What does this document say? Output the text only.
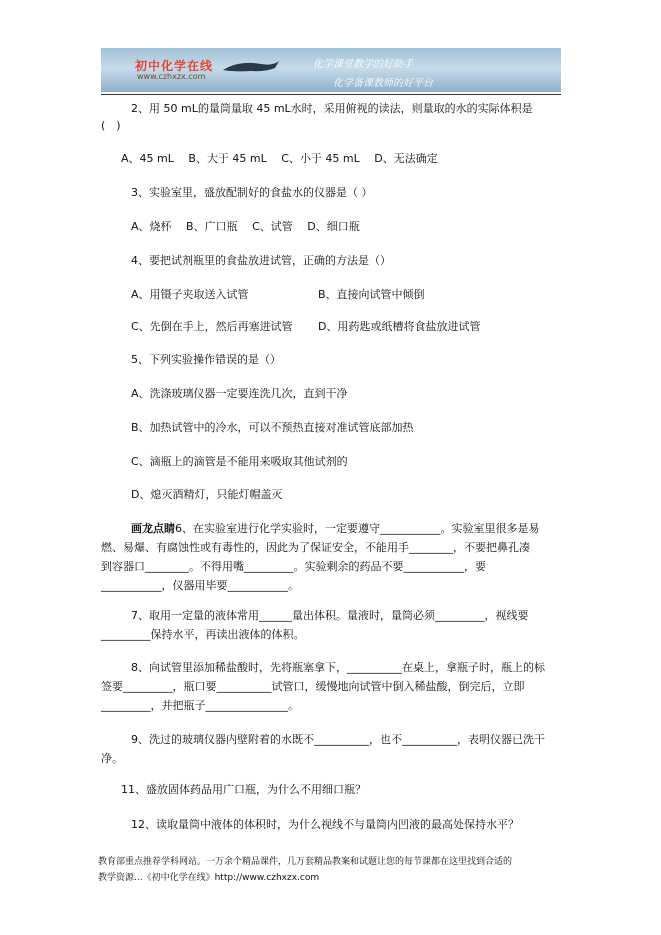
初中化学在线
www.czhxzx.com
化学课堂教学的好助手
化学备课教师的好平台
2、用 50 mL的量筒量取 45 mL水时，采用俯视的读法，则量取的水的实际体积是
(　)
A、45 mL　 B、大于 45 mL　 C、小于 45 mL　 D、无法确定
3、实验室里，盛放配制好的食盐水的仪器是（ ）
A、烧杯　 B、广口瓶　 C、试管　 D、细口瓶
4、要把试剂瓶里的食盐放进试管，正确的方法是（）
A、用镊子夹取送入试管	B、直接向试管中倾倒
C、先倒在手上，然后再塞进试管 D、用药匙或纸槽将食盐放进试管
5、下列实验操作错误的是（）
A、洗涤玻璃仪器一定要连洗几次，直到干净
B、加热试管中的冷水，可以不预热直接对准试管底部加热
C、滴瓶上的滴管是不能用来吸取其他试剂的
D、熄灭酒精灯，只能灯帽盖灭
画龙点睛6、在实验室进行化学实验时，一定要遵守___________。实验室里很多是易
燃、易爆、有腐蚀性或有毒性的，因此为了保证安全，不能用手________，不要把鼻孔凑
到容器口________。不得用嘴_________。实验剩余的药品不要___________，要
___________，仪器用毕要___________。
7、取用一定量的液体常用______量出体积。量液时，量筒必须_________，视线要
_________保持水平，再读出液体的体积。
8、向试管里添加稀盐酸时，先将瓶塞拿下，__________在桌上，拿瓶子时，瓶上的标
签要_________，瓶口要__________试管口，缓慢地向试管中倒入稀盐酸，倒完后，立即
_________，并把瓶子_______________。
9、洗过的玻璃仪器内壁附着的水既不__________，也不__________，表明仪器已洗干
净。
11、盛放固体药品用广口瓶，为什么不用细口瓶？
12、读取量筒中液体的体积时，为什么视线不与量筒内凹液的最高处保持水平？
教育部重点推荐学科网站。一万余个精品课件，几万套精品教案和试题让您的每节课都在这里找到合适的
教学资源...《初中化学在线》http://www.czhxzx.com
